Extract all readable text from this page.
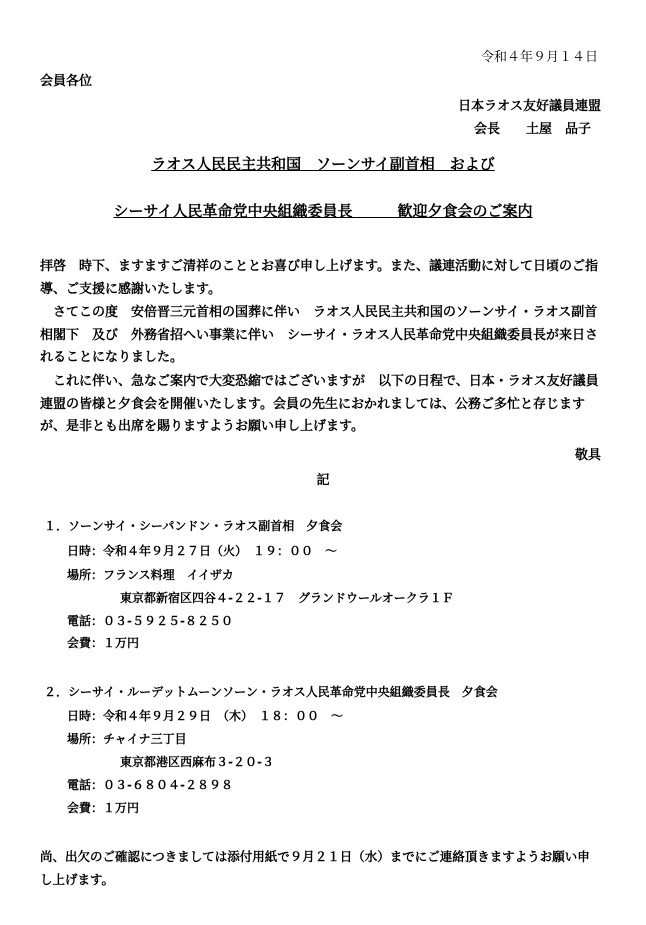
令和４年９月１４日
会員各位
日本ラオス友好議員連盟
会長　　土屋　品子
ラオス人民民主共和国　ソーンサイ副首相　および
シーサイ人民革命党中央組織委員長　　　歓迎夕食会のご案内

拝啓　時下、ますますご清祥のこととお喜び申し上げます。また、議連活動に対して日頃のご指導、ご支援に感謝いたします。

さてこの度　安倍晋三元首相の国葬に伴い　ラオス人民民主共和国のソーンサイ・ラオス副首相閣下　及び　外務省招へい事業に伴い　シーサイ・ラオス人民革命党中央組織委員長が来日されることになりました。

これに伴い、急なご案内で大変恐縮ではございますが　以下の日程で、日本・ラオス友好議員連盟の皆様と夕食会を開催いたします。会員の先生におかれましては、公務ご多忙と存じますが、是非とも出席を賜りますようお願い申し上げます。

敬具
記
１．ソーンサイ・シーパンドン・ラオス副首相　夕食会
日時：令和４年９月２７日（火）　１９：００　～
場所：フランス料理　イイザカ
東京都新宿区四谷４-２２-１７　グランドウールオークラ１Ｆ
電話：０３-５９２５-８２５０
会費：１万円
２．シーサイ・ルーデットムーンソーン・ラオス人民革命党中央組織委員長　夕食会
日時：令和４年９月２９日　（木）　１８：００　～
場所：チャイナ三丁目
東京都港区西麻布３-２０-３
電話：０３-６８０４-２８９８
会費：１万円
尚、出欠のご確認につきましては添付用紙で９月２１日（水）までにご連絡頂きますようお願い申し上げます。
